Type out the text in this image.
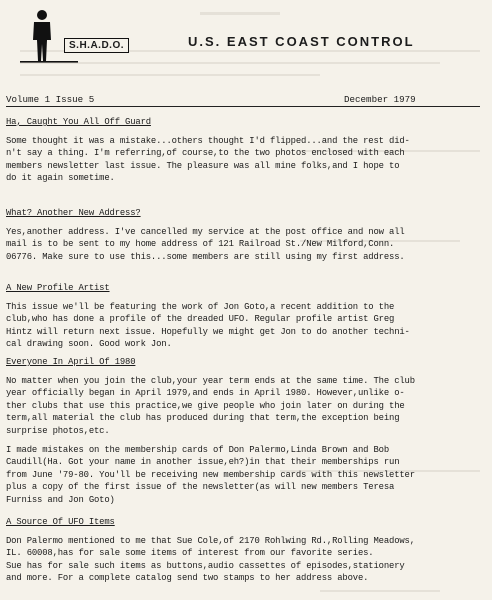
S.H.A.D.O.	U.S. EAST COAST CONTROL
Volume 1 Issue 5	December 1979
Ha, Caught You All Off Guard
Some thought it was a mistake...others thought I'd flipped...and the rest did-
n't say a thing. I'm referring,of course,to the two photos enclosed with each
members newsletter last issue. The pleasure was all mine folks,and I hope to
do it again sometime.
What? Another New Address?
Yes,another address. I've cancelled my service at the post office and now all
mail is to be sent to my home address of 121 Railroad St./New Milford,Conn.
06776. Make sure to use this...some members are still using my first address.
A New Profile Artist
This issue we'll be featuring the work of Jon Goto,a recent addition to the
club,who has done a profile of the dreaded UFO. Regular profile artist Greg
Hintz will return next issue. Hopefully we might get Jon to do another techni-
cal drawing soon. Good work Jon.
Everyone In April Of 1980
No matter when you join the club,your year term ends at the same time. The club
year officially began in April 1979,and ends in April 1980. However,unlike o-
ther clubs that use this practice,we give people who join later on during the
term,all material the club has produced during that term,the exception being
surprise photos,etc.
I made mistakes on the membership cards of Don Palermo,Linda Brown and Bob
Caudill(Ha. Got your name in another issue,eh?)in that their memberships run
from June '79-80. You'll be receiving new membership cards with this newsletter
plus a copy of the first issue of the newsletter(as will new members Teresa
Furniss and Jon Goto)
A Source Of UFO Items
Don Palermo mentioned to me that Sue Cole,of 2170 Rohlwing Rd.,Rolling Meadows,
IL. 60008,has for sale some items of interest from our favorite series.
Sue has for sale such items as buttons,audio cassettes of episodes,stationery
and more. For a complete catalog send two stamps to her address above.
